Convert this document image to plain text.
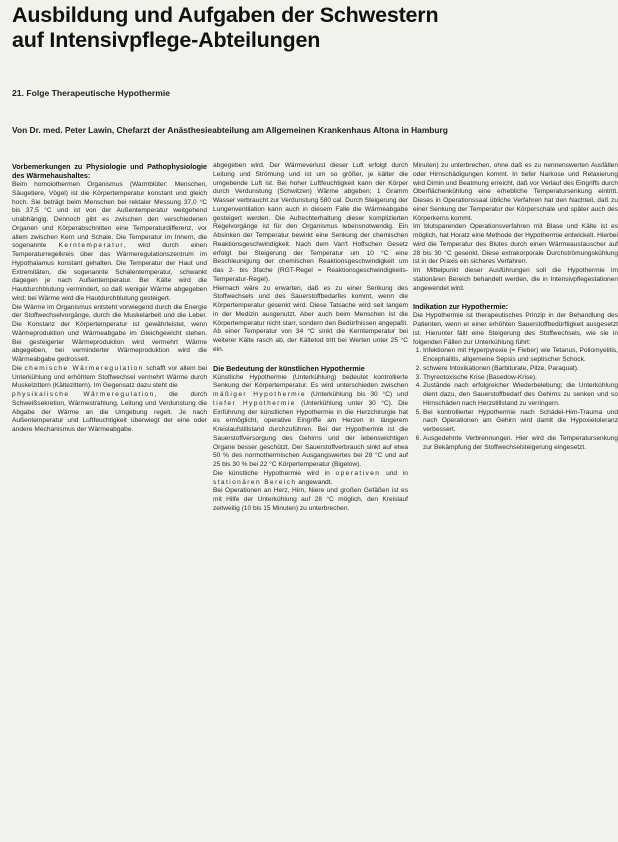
Ausbildung und Aufgaben der Schwestern
auf Intensivpflege-Abteilungen
21. Folge Therapeutische Hypothermie
Von Dr. med. Peter Lawin, Chefarzt der Anästhesieabteilung am Allgemeinen Krankenhaus Altona in Hamburg
Vorbemerkungen zu Physiologie und Pathophysiologie des Wärmehaushaltes:

Beim homoiothermen Organismus (Warmblüter: Menschen, Säugetiere, Vögel) ist die Körpertemperatur konstant und gleich hoch. Sie beträgt beim Menschen bei rektaler Messung 37,0 °C bis 37,5 °C und ist von der Außentemperatur weitgehend unabhängig. Dennoch gibt es zwischen den verschiedenen Organen und Körperabschnitten eine Temperaturdifferenz, vor allem zwischen Kern und Schale. Die Temperatur im Innern, die sogenannte Kerntemperatur, wird durch einen Temperaturregelkreis über das Wärmeregulationszentrum im Hypothalamus konstant gehalten. Die Temperatur der Haut und Extremitäten, die sogenannte Schalentemperatur, schwankt dagegen je nach Außentemperatur. Bei Kälte wird die Hautdurchblutung vermindert, so daß weniger Wärme abgegeben wird; bei Wärme wird die Hautdurchblutung gesteigert.

Die Wärme im Organismus entsteht vorwiegend durch die Energie der Stoffwechselvorgänge, durch die Muskelarbeit und die Leber. Die Konstanz der Körpertemperatur ist gewährleistet, wenn Wärmeproduktion und Wärmeabgabe im Gleichgewicht stehen. Bei gesteigerter Wärmeproduktion wird vermehrt Wärme abgegeben, bei verminderter Wärmeproduktion wird die Wärmeabgabe gedrosselt.

Die chemische Wärmeregulation schafft vor allem bei Unterkühlung und erhöhtem Stoffwechsel vermehrt Wärme durch Muskelzittern (Kältezittern). Im Gegensatz dazu steht die

physikalische Wärmeregulation, die durch Schweißsekretion, Wärmestrahlung, Leitung und Verdunstung die Abgabe der Wärme an die Umgebung regelt. Je nach Außentemperatur und Luftfeuchtigkeit überwiegt der eine oder andere Mechanismus der Wärmeabgabe.

abgegeben wird. Der Wärmeverlust dieser Luft erfolgt durch Leitung und Strömung und ist um so größer, je kälter die umgebende Luft ist. Bei hoher Luftfeuchtigkeit kann der Körper durch Verdunstung (Schwitzen) Wärme abgeben; 1 Gramm Wasser verbraucht zur Verdunstung 580 cal. Durch Steigerung der Lungenventilation kann auch in diesem Falle die Wärmeabgabe gesteigert werden. Die Aufrechterhaltung dieser komplizierten Regelvorgänge ist für den Organismus lebensnotwendig. Ein Absinken der Temperatur bewirkt eine Senkung der chemischen Reaktionsgeschwindigkeit. Nach dem Van't Hoffschen Gesetz erfolgt bei Steigerung der Temperatur um 10 °C eine Beschleunigung der chemischen Reaktionsgeschwindigkeit um das 2- bis 3fache (RGT-Regel = Reaktionsgeschwindigkeits-Temperatur-Regel).

Hiernach wäre zu erwarten, daß es zu einer Senkung des Stoffwechsels und des Sauerstoffbedarfes kommt, wenn die Körpertemperatur gesenkt wird. Diese Tatsache wird seit langem in der Medizin ausgenutzt. Aber auch beim Menschen ist die Körpertemperatur nicht starr, sondern den Bedürfnissen angepaßt. Ab einer Temperatur von 34 °C sinkt die Kerntemperatur bei weiterer Kälte rasch ab, der Kältetod tritt bei Werten unter 25 °C ein.

Die Bedeutung der künstlichen Hypothermie

Künstliche Hypothermie (Unterkühlung) bedeutet kontrollierte Senkung der Körpertemperatur. Es wird unterschieden zwischen mäßiger Hypothermie (Unterkühlung bis 30 °C) und tiefer Hypothermie (Unterkühlung unter 30 °C). Die Einführung der künstlichen Hypothermie in die Herzchirurgie hat es ermöglicht, operative Eingriffe am Herzen in längerem Kreislaufstillstand durchzuführen. Bei der Hypothermie ist die Sauerstoffversorgung des Gehirns und der lebenswichtigen Organe besser geschützt. Der Sauerstoffverbrauch sinkt auf etwa 50 % des normothermischen Ausgangswertes bei 28 °C und auf 25 bis 30 % bei 22 °C Körpertemperatur (Bigelow).

Die künstliche Hypothermie wird in operativen und in stationären Bereich angewandt.

Bei Operationen an Herz, Hirn, Niere und großen Gefäßen ist es mit Hilfe der Unterkühlung auf 28 °C möglich, den Kreislauf zeitweilig (10 bis 15 Minuten) zu unterbrechen.

Minuten) zu unterbrechen, ohne daß es zu nennenswerten Ausfällen oder Hirnschädigungen kommt. In tiefer Narkose und Relaxierung wird Dimin und Beatmung erreicht, daß vor Verlauf des Eingriffs durch Oberflächenkühlung eine erhebliche Temperatursenkung eintritt. Dieses in Operationssaal übliche Verfahren hat den Nachteil, daß zu einer Senkung der Temperatur der Körperschale und später auch des Körperkerns kommt.

Im blutsparenden Operationsverfahren mit Blase und Kälte ist es möglich, hat Horatz eine Methode der Hypothermie entwickelt. Hierbei wird die Temperatur des Blutes durch einen Wärmeaustauscher auf 28 bis 30 °C gesenkt. Diese extrakorporale Durchströmungskühlung ist in der Praxis ein sicheres Verfahren.

Im Mittelpunkt dieser Ausführungen soll die Hypothermie im stationären Bereich behandelt werden, die in Intensivpflegestationen angewendet wird.

Indikation zur Hypothermie:

Die Hypothermie ist therapeutisches Prinzip in der Behandlung des Patienten, wenn er einer erhöhten Sauerstoffbedürftigkeit ausgesetzt ist. Hierunter fällt eine Steigerung des Stoffwechsels, wie sie in folgenden Fällen zur Unterkühlung führt:

1. Infektionen mit Hyperpyrexie (= Fieber) wie Tetanus, Poliomyelitis, Encephalitis, allgemeine Sepsis und septischer Schock.
2. schwere Intoxikationen (Barbiturate, Pilze, Paraquat).
3. Thyreotoxische Krise (Basedow-Krise).
4. Zustände nach erfolgreicher Wiederbelebung; die Unterkühlung dient dazu, den Sauerstoffbedarf des Gehirns zu senken und so Hirnschäden nach Herzstillstand zu verringern.
5. Bei kontrollierter Hypothermie nach Schädel-Hirn-Trauma und nach Operationen am Gehirn wird damit die Hypoxietoleranz verbessert.
6. Ausgedehnte Verbrennungen. Hier wird die Temperatursenkung zur Bekämpfung der Stoffwechselsteigerung eingesetzt.
